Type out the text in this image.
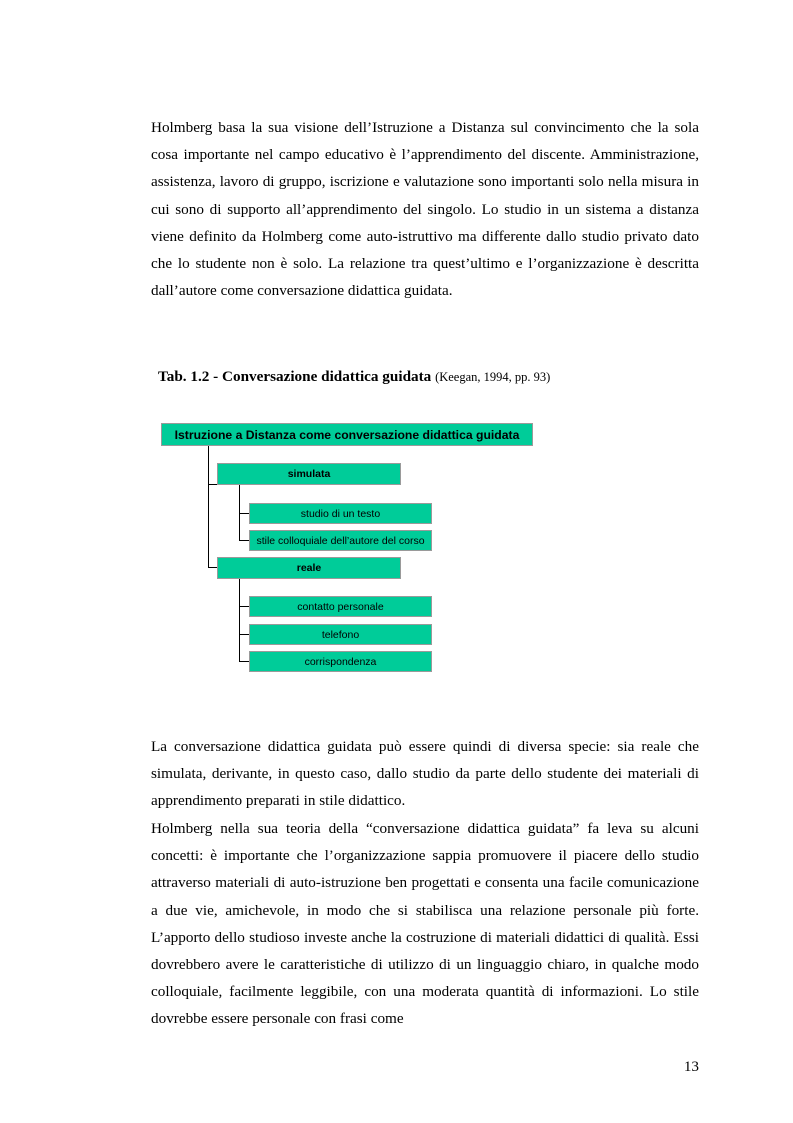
Holmberg basa la sua visione dell’Istruzione a Distanza sul convincimento che la sola cosa importante nel campo educativo è l’apprendimento del discente. Amministrazione, assistenza, lavoro di gruppo, iscrizione e valutazione sono importanti solo nella misura in cui sono di supporto all’apprendimento del singolo. Lo studio in un sistema a distanza viene definito da Holmberg come auto-istruttivo ma differente dallo studio privato dato che lo studente non è solo. La relazione tra quest’ultimo e l’organizzazione è descritta dall’autore come conversazione didattica guidata.

Tab. 1.2 - Conversazione didattica guidata (Keegan, 1994, pp. 93)

Istruzione a Distanza come conversazione didattica guidata
simulata
studio di un testo
stile colloquiale dell’autore del corso
reale
contatto personale
telefono
corrispondenza

La conversazione didattica guidata può essere quindi di diversa specie: sia reale che simulata, derivante, in questo caso, dallo studio da parte dello studente dei materiali di apprendimento preparati in stile didattico.

Holmberg nella sua teoria della “conversazione didattica guidata” fa leva su alcuni concetti: è importante che l’organizzazione sappia promuovere il piacere dello studio attraverso materiali di auto-istruzione ben progettati e consenta una facile comunicazione a due vie, amichevole, in modo che si stabilisca una relazione personale più forte. L’apporto dello studioso investe anche la costruzione di materiali didattici di qualità. Essi dovrebbero avere le caratteristiche di utilizzo di un linguaggio chiaro, in qualche modo colloquiale, facilmente leggibile, con una moderata quantità di informazioni. Lo stile dovrebbe essere personale con frasi come

13
